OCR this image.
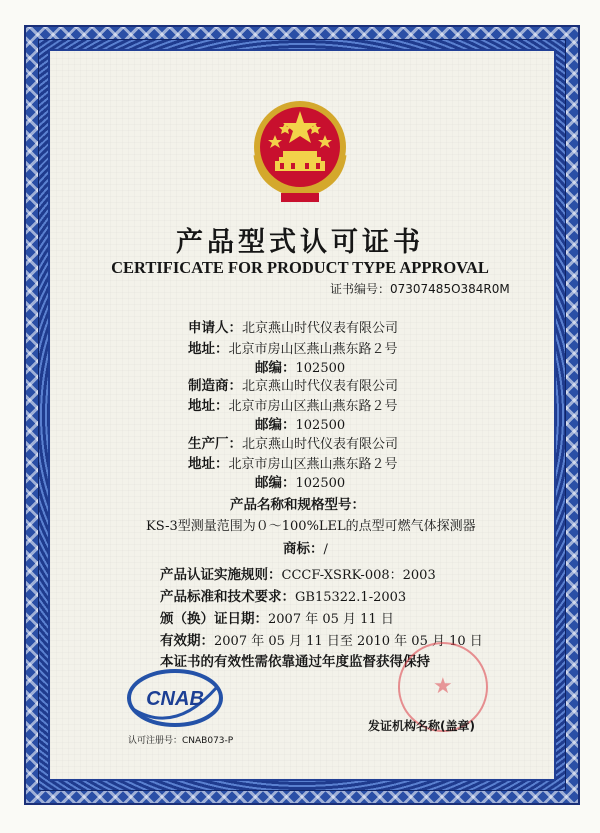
产品型式认可证书
CERTIFICATE FOR PRODUCT TYPE APPROVAL
证书编号：07307485O384R0M
申请人：北京燕山时代仪表有限公司
地址：北京市房山区燕山燕东路２号
邮编：102500
制造商：北京燕山时代仪表有限公司
地址：北京市房山区燕山燕东路２号
邮编：102500
生产厂：北京燕山时代仪表有限公司
地址：北京市房山区燕山燕东路２号
邮编：102500
产品名称和规格型号：
KS-3型测量范围为０～100%LEL的点型可燃气体探测器
商标：/
产品认证实施规则：CCCF-XSRK-008：2003
产品标准和技术要求：GB15322.1-2003
颁（换）证日期：2007 年 05 月 11 日
有效期：2007 年 05 月 11 日至 2010 年 05 月 10 日
本证书的有效性需依靠通过年度监督获得保持
CNAB
认可注册号：CNAB073-P
★
发证机构名称(盖章)
